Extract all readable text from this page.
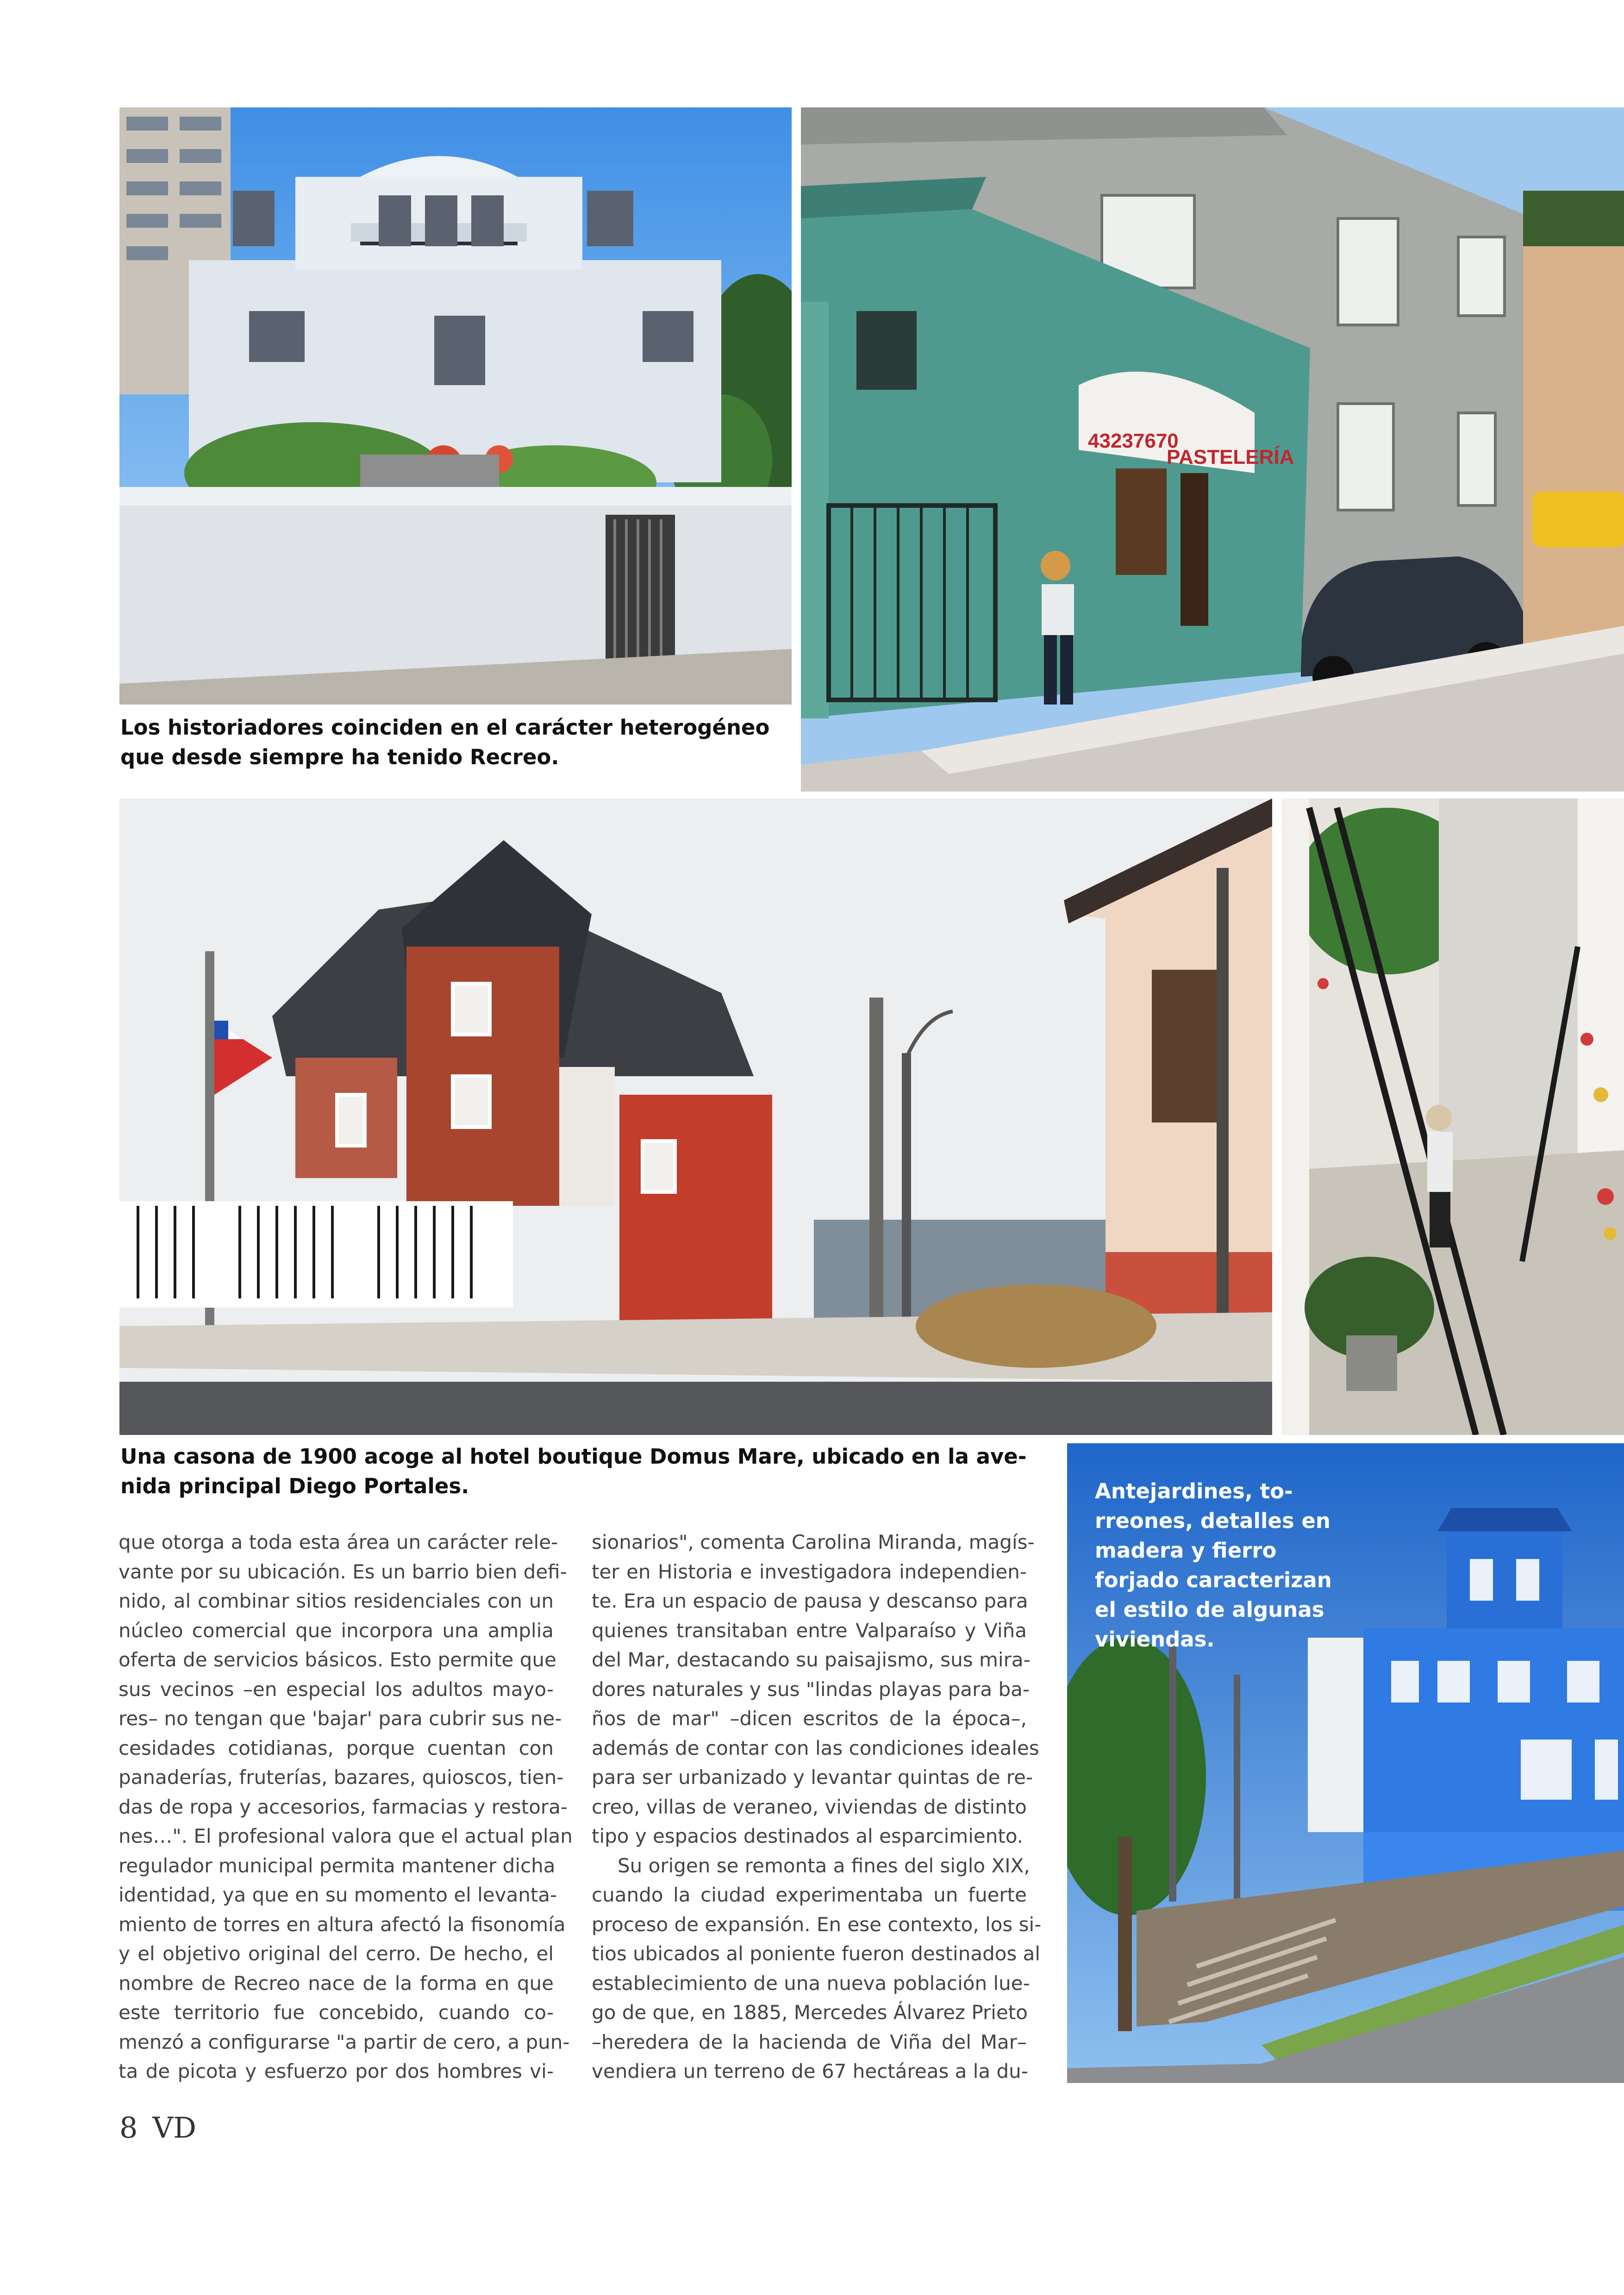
43237670
PASTELERÍA
Los historiadores coinciden en el carácter heterogéneo
que desde siempre ha tenido Recreo.
Una casona de 1900 acoge al hotel boutique Domus Mare, ubicado en la ave-
nida principal Diego Portales.	Antejardines, to-
rreones, detalles en
madera y fierro
forjado caracterizan
el estilo de algunas
viviendas.
que otorga a toda esta área un carácter rele-
vante por su ubicación. Es un barrio bien defi-
nido, al combinar sitios residenciales con un
núcleo comercial que incorpora una amplia
oferta de servicios básicos. Esto permite que
sus vecinos –en especial los adultos mayo-
res– no tengan que 'bajar' para cubrir sus ne-
cesidades cotidianas, porque cuentan con
panaderías, fruterías, bazares, quioscos, tien-
das de ropa y accesorios, farmacias y restora-
nes…". El profesional valora que el actual plan
regulador municipal permita mantener dicha
identidad, ya que en su momento el levanta-
miento de torres en altura afectó la fisonomía
y el objetivo original del cerro. De hecho, el
nombre de Recreo nace de la forma en que
este territorio fue concebido, cuando co-
menzó a configurarse "a partir de cero, a pun-
ta de picota y esfuerzo por dos hombres vi-
sionarios", comenta Carolina Miranda, magís-
ter en Historia e investigadora independien-
te. Era un espacio de pausa y descanso para
quienes transitaban entre Valparaíso y Viña
del Mar, destacando su paisajismo, sus mira-
dores naturales y sus "lindas playas para ba-
ños de mar" –dicen escritos de la época–,
además de contar con las condiciones ideales
para ser urbanizado y levantar quintas de re-
creo, villas de veraneo, viviendas de distinto
tipo y espacios destinados al esparcimiento.
Su origen se remonta a fines del siglo XIX,
cuando la ciudad experimentaba un fuerte
proceso de expansión. En ese contexto, los si-
tios ubicados al poniente fueron destinados al
establecimiento de una nueva población lue-
go de que, en 1885, Mercedes Álvarez Prieto
–heredera de la hacienda de Viña del Mar–
vendiera un terreno de 67 hectáreas a la du-
8 VD
